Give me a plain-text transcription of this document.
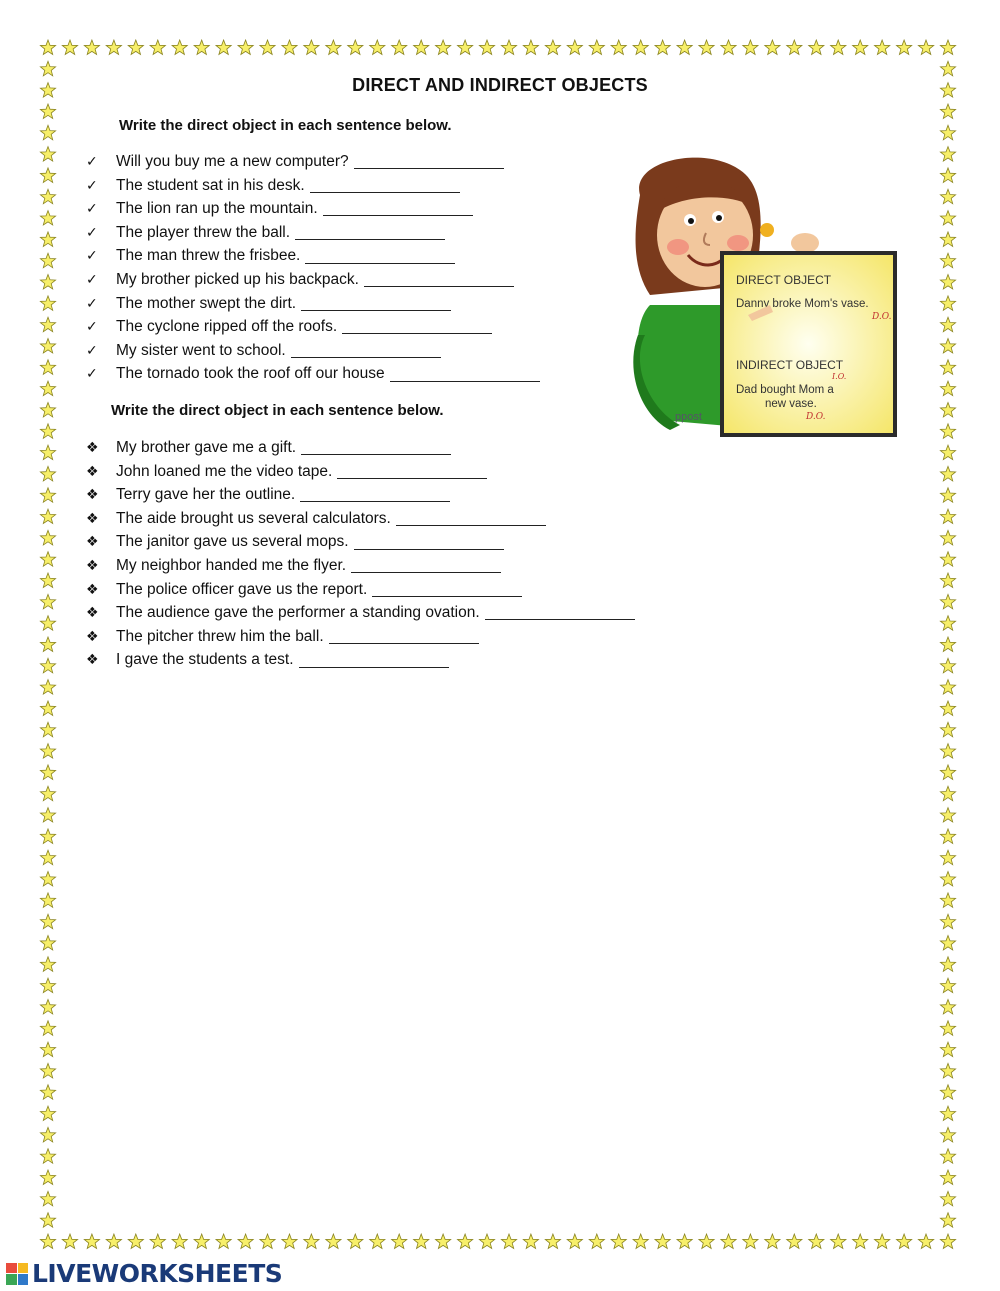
DIRECT AND INDIRECT OBJECTS
Write the direct object in each sentence below.
✓	Will you buy me a new computer?
✓	The student sat in his desk.
✓	The lion ran up the mountain.
✓	The player threw the ball.
✓	The man threw the frisbee.
✓	My brother picked up his backpack.
✓	The mother swept the dirt.
✓	The cyclone ripped off the roofs.
✓	My sister went to school.
✓	The tornado took the roof off our house
Write the direct object in each sentence below.
❖	My brother gave me a gift.
❖	John loaned me the video tape.
❖	Terry gave her the outline.
❖	The aide brought us several calculators.
❖	The janitor gave us several mops.
❖	My neighbor handed me the flyer.
❖	The police officer gave us the report.
❖	The audience gave the performer a standing ovation.
❖	The pitcher threw him the ball.
❖	I gave the students a test.
DIRECT OBJECT
Danny broke Mom's vase.
D.O.
INDIRECT OBJECT
I.O.
Dad bought Mom a
new vase.
D.O.
ppost
LIVEWORKSHEETS
